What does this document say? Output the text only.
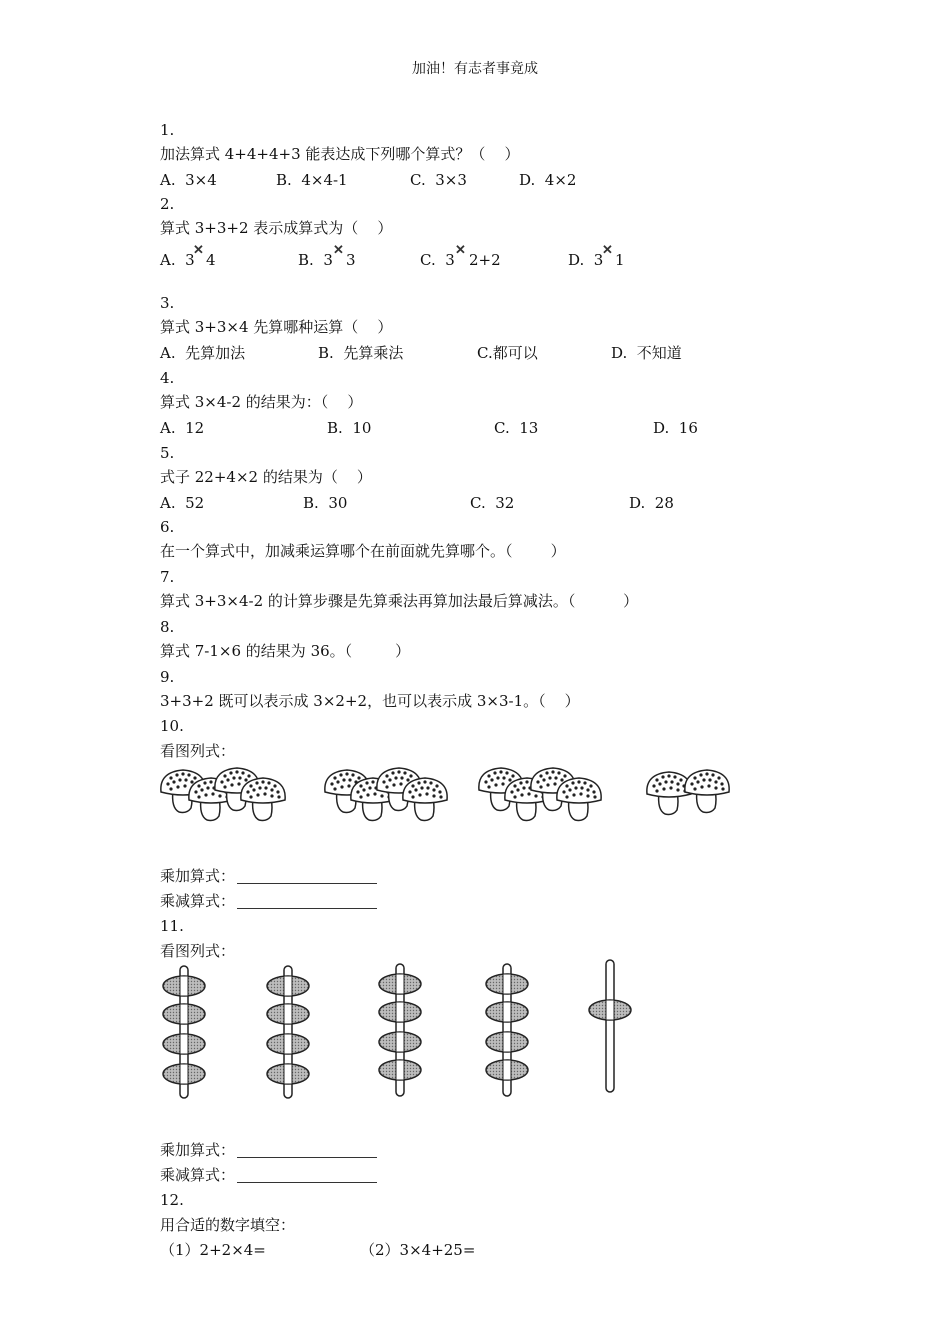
加油！有志者事竟成
1.
加法算式 4+4+4+3 能表达成下列哪个算式？（    ）
A.  3×4	B.  4×4-1	C.  3×3	D.  4×2
2.
算式 3+3+2 表示成算式为（    ）
A.  3
✕
4	B.  3
✕
3	C.  3
✕
2+2	D.  3
✕
1
3.
算式 3+3×4 先算哪种运算（    ）
A.  先算加法	B.  先算乘法	C.都可以	D.  不知道
4.
算式 3×4-2 的结果为：（    ）
A.  12	B.  10	C.  13	D.  16
5.
式子 22+4×2 的结果为（    ）
A.  52	B.  30	C.  32	D.  28
6.
在一个算式中，加减乘运算哪个在前面就先算哪个。（        ）
7.
算式 3+3×4-2 的计算步骤是先算乘法再算加法最后算减法。（          ）
8.
算式 7-1×6 的结果为 36。（         ）
9.
3+3+2 既可以表示成 3×2+2，也可以表示成 3×3-1。（    ）
10.
看图列式：
乘加算式：
乘减算式：
11.
看图列式：
乘加算式：
乘减算式：
12.
用合适的数字填空：
（1）2+2×4=	（2）3×4+25=
